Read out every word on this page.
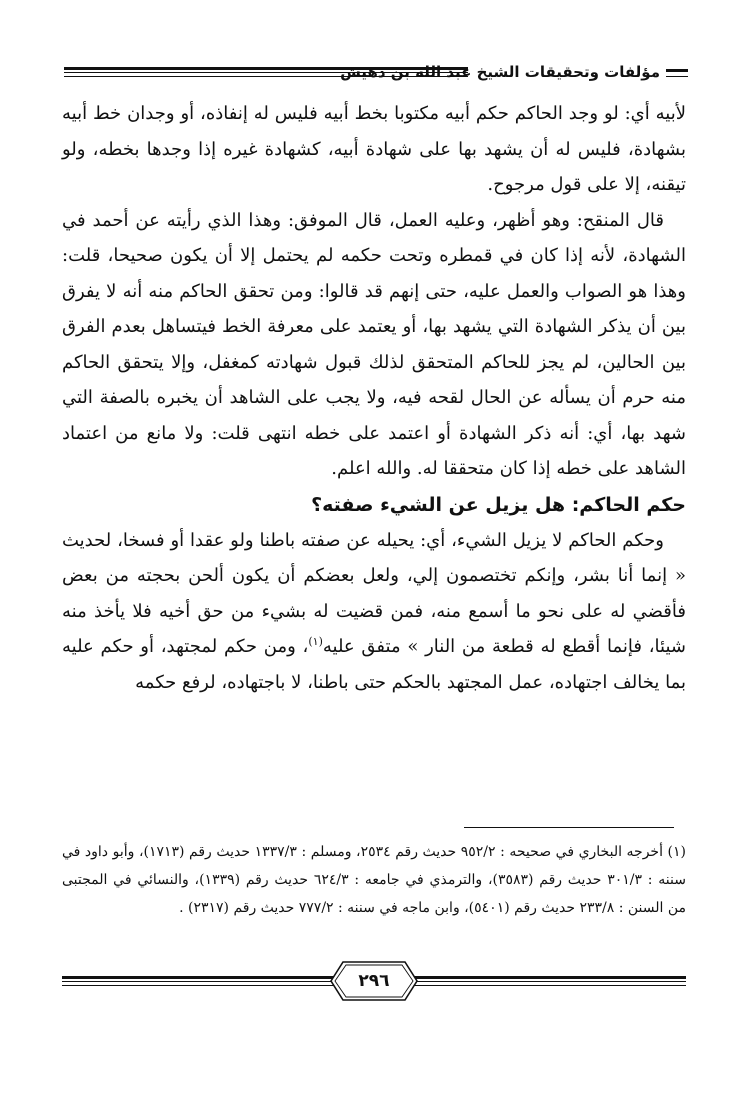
مؤلفات وتحقيقات الشيخ عبد الله بن دهيش

لأبيه أي: لو وجد الحاكم حكم أبيه مكتوبا بخط أبيه فليس له إنفاذه، أو وجدان خط أبيه بشهادة، فليس له أن يشهد بها على شهادة أبيه، كشهادة غيره إذا وجدها بخطه، ولو تيقنه، إلا على قول مرجوح.

قال المنقح: وهو أظهر، وعليه العمل، قال الموفق: وهذا الذي رأيته عن أحمد في الشهادة، لأنه إذا كان في قمطره وتحت حكمه لم يحتمل إلا أن يكون صحيحا، قلت: وهذا هو الصواب والعمل عليه، حتى إنهم قد قالوا: ومن تحقق الحاكم منه أنه لا يفرق بين أن يذكر الشهادة التي يشهد بها، أو يعتمد على معرفة الخط فيتساهل بعدم الفرق بين الحالين، لم يجز للحاكم المتحقق لذلك قبول شهادته كمغفل، وإلا يتحقق الحاكم منه حرم أن يسأله عن الحال لقحه فيه، ولا يجب على الشاهد أن يخبره بالصفة التي شهد بها، أي: أنه ذكر الشهادة أو اعتمد على خطه انتهى قلت: ولا مانع من اعتماد الشاهد على خطه إذا كان متحققا له. والله اعلم.

حكم الحاكم: هل يزيل عن الشيء صفته؟

وحكم الحاكم لا يزيل الشيء، أي: يحيله عن صفته باطنا ولو عقدا أو فسخا، لحديث « إنما أنا بشر، وإنكم تختصمون إلي، ولعل بعضكم أن يكون ألحن بحجته من بعض فأقضي له على نحو ما أسمع منه، فمن قضيت له بشيء من حق أخيه فلا يأخذ منه شيئا، فإنما أقطع له قطعة من النار » متفق عليه$^{(١)}$، ومن حكم لمجتهد، أو حكم عليه بما يخالف اجتهاده، عمل المجتهد بالحكم حتى باطنا، لا باجتهاده، لرفع حكمه

(١) أخرجه البخاري في صحيحه : ٩٥٢/٢ حديث رقم ٢٥٣٤، ومسلم : ١٣٣٧/٣ حديث رقم (١٧١٣)، وأبو داود في سننه : ٣٠١/٣ حديث رقم (٣٥٨٣)، والترمذي في جامعه : ٦٢٤/٣ حديث رقم (١٣٣٩)، والنسائي في المجتبى من السنن : ٢٣٣/٨ حديث رقم (٥٤٠١)، وابن ماجه في سننه : ٧٧٧/٢ حديث رقم (٢٣١٧) .

٢٩٦
